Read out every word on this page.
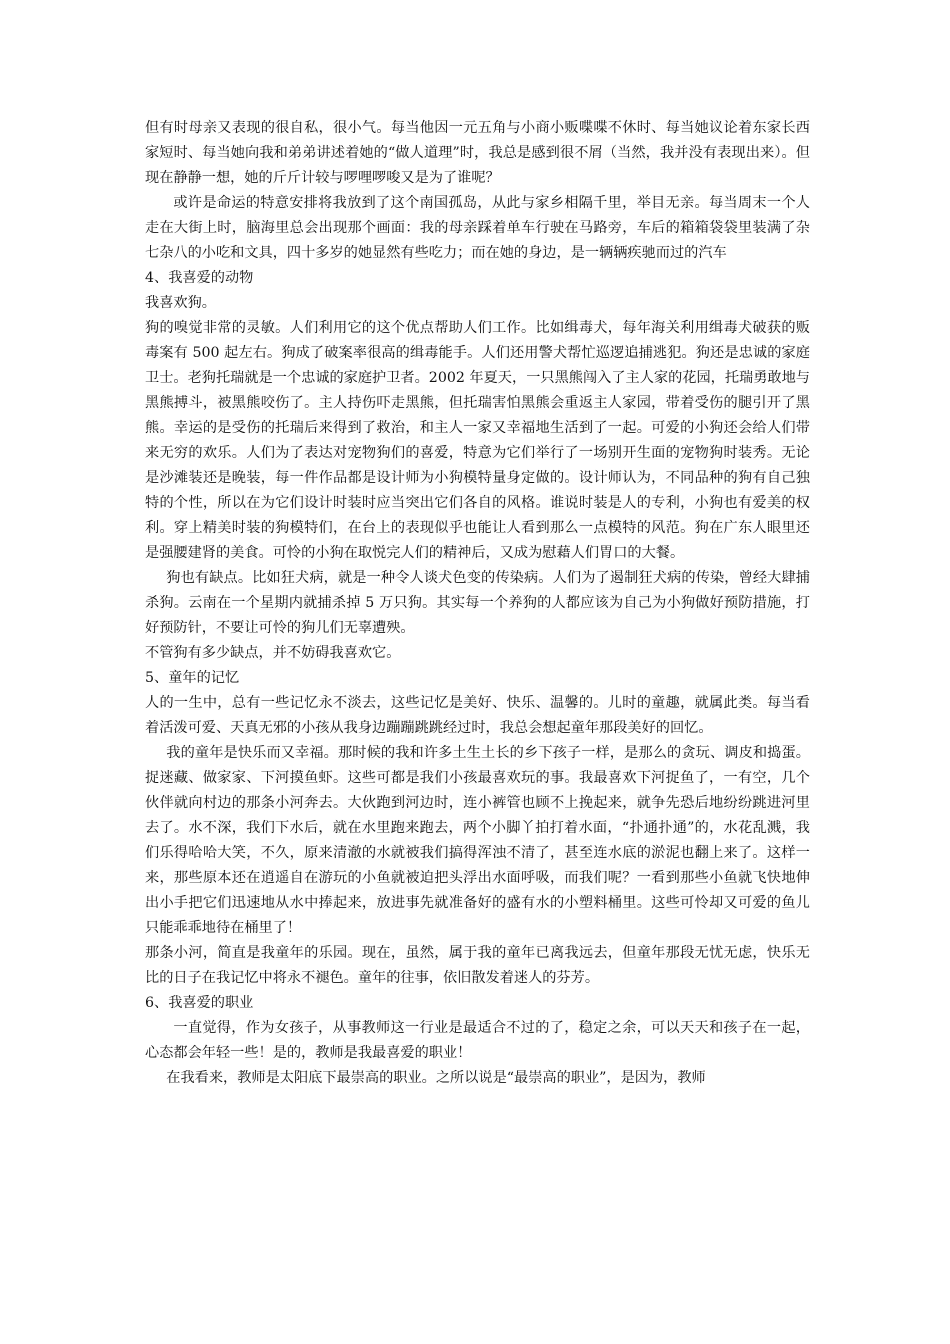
但有时母亲又表现的很自私，很小气。每当他因一元五角与小商小贩喋喋不休时、每当她议论着东家长西家短时、每当她向我和弟弟讲述着她的“做人道理”时，我总是感到很不屑（当然，我并没有表现出来）。但现在静静一想，她的斤斤计较与啰哩啰唆又是为了谁呢？

或许是命运的特意安排将我放到了这个南国孤岛，从此与家乡相隔千里，举目无亲。每当周末一个人走在大街上时，脑海里总会出现那个画面：我的母亲踩着单车行驶在马路旁，车后的箱箱袋袋里装满了杂七杂八的小吃和文具，四十多岁的她显然有些吃力；而在她的身边，是一辆辆疾驰而过的汽车

4、我喜爱的动物

我喜欢狗。

狗的嗅觉非常的灵敏。人们利用它的这个优点帮助人们工作。比如缉毒犬，每年海关利用缉毒犬破获的贩毒案有 500 起左右。狗成了破案率很高的缉毒能手。人们还用警犬帮忙巡逻追捕逃犯。狗还是忠诚的家庭卫士。老狗托瑞就是一个忠诚的家庭护卫者。2002 年夏天，一只黑熊闯入了主人家的花园，托瑞勇敢地与黑熊搏斗，被黑熊咬伤了。主人持伤吓走黑熊，但托瑞害怕黑熊会重返主人家园，带着受伤的腿引开了黑熊。幸运的是受伤的托瑞后来得到了救治，和主人一家又幸福地生活到了一起。可爱的小狗还会给人们带来无穷的欢乐。人们为了表达对宠物狗们的喜爱，特意为它们举行了一场别开生面的宠物狗时装秀。无论是沙滩装还是晚装，每一件作品都是设计师为小狗模特量身定做的。设计师认为，不同品种的狗有自己独特的个性，所以在为它们设计时装时应当突出它们各自的风格。谁说时装是人的专利，小狗也有爱美的权利。穿上精美时装的狗模特们，在台上的表现似乎也能让人看到那么一点模特的风范。狗在广东人眼里还是强腰建肾的美食。可怜的小狗在取悦完人们的精神后，又成为慰藉人们胃口的大餐。

狗也有缺点。比如狂犬病，就是一种令人谈犬色变的传染病。人们为了遏制狂犬病的传染，曾经大肆捕杀狗。云南在一个星期内就捕杀掉 5 万只狗。其实每一个养狗的人都应该为自己为小狗做好预防措施，打好预防针，不要让可怜的狗儿们无辜遭殃。

不管狗有多少缺点，并不妨碍我喜欢它。

5、童年的记忆

人的一生中，总有一些记忆永不淡去，这些记忆是美好、快乐、温馨的。儿时的童趣，就属此类。每当看着活泼可爱、天真无邪的小孩从我身边蹦蹦跳跳经过时，我总会想起童年那段美好的回忆。

我的童年是快乐而又幸福。那时候的我和许多土生土长的乡下孩子一样，是那么的贪玩、调皮和捣蛋。捉迷藏、做家家、下河摸鱼虾。这些可都是我们小孩最喜欢玩的事。我最喜欢下河捉鱼了，一有空，几个伙伴就向村边的那条小河奔去。大伙跑到河边时，连小裤管也顾不上挽起来，就争先恐后地纷纷跳进河里去了。水不深，我们下水后，就在水里跑来跑去，两个小脚丫拍打着水面，“扑通扑通”的，水花乱溅，我们乐得哈哈大笑，不久，原来清澈的水就被我们搞得浑浊不清了，甚至连水底的淤泥也翻上来了。这样一来，那些原本还在逍遥自在游玩的小鱼就被迫把头浮出水面呼吸，而我们呢？一看到那些小鱼就飞快地伸出小手把它们迅速地从水中捧起来，放进事先就准备好的盛有水的小塑料桶里。这些可怜却又可爱的鱼儿只能乖乖地待在桶里了！

那条小河，简直是我童年的乐园。现在，虽然，属于我的童年已离我远去，但童年那段无忧无虑，快乐无比的日子在我记忆中将永不褪色。童年的往事，依旧散发着迷人的芬芳。

6、我喜爱的职业

一直觉得，作为女孩子，从事教师这一行业是最适合不过的了，稳定之余，可以天天和孩子在一起，心态都会年轻一些！是的，教师是我最喜爱的职业！

在我看来，教师是太阳底下最崇高的职业。之所以说是“最崇高的职业”，是因为，教师
